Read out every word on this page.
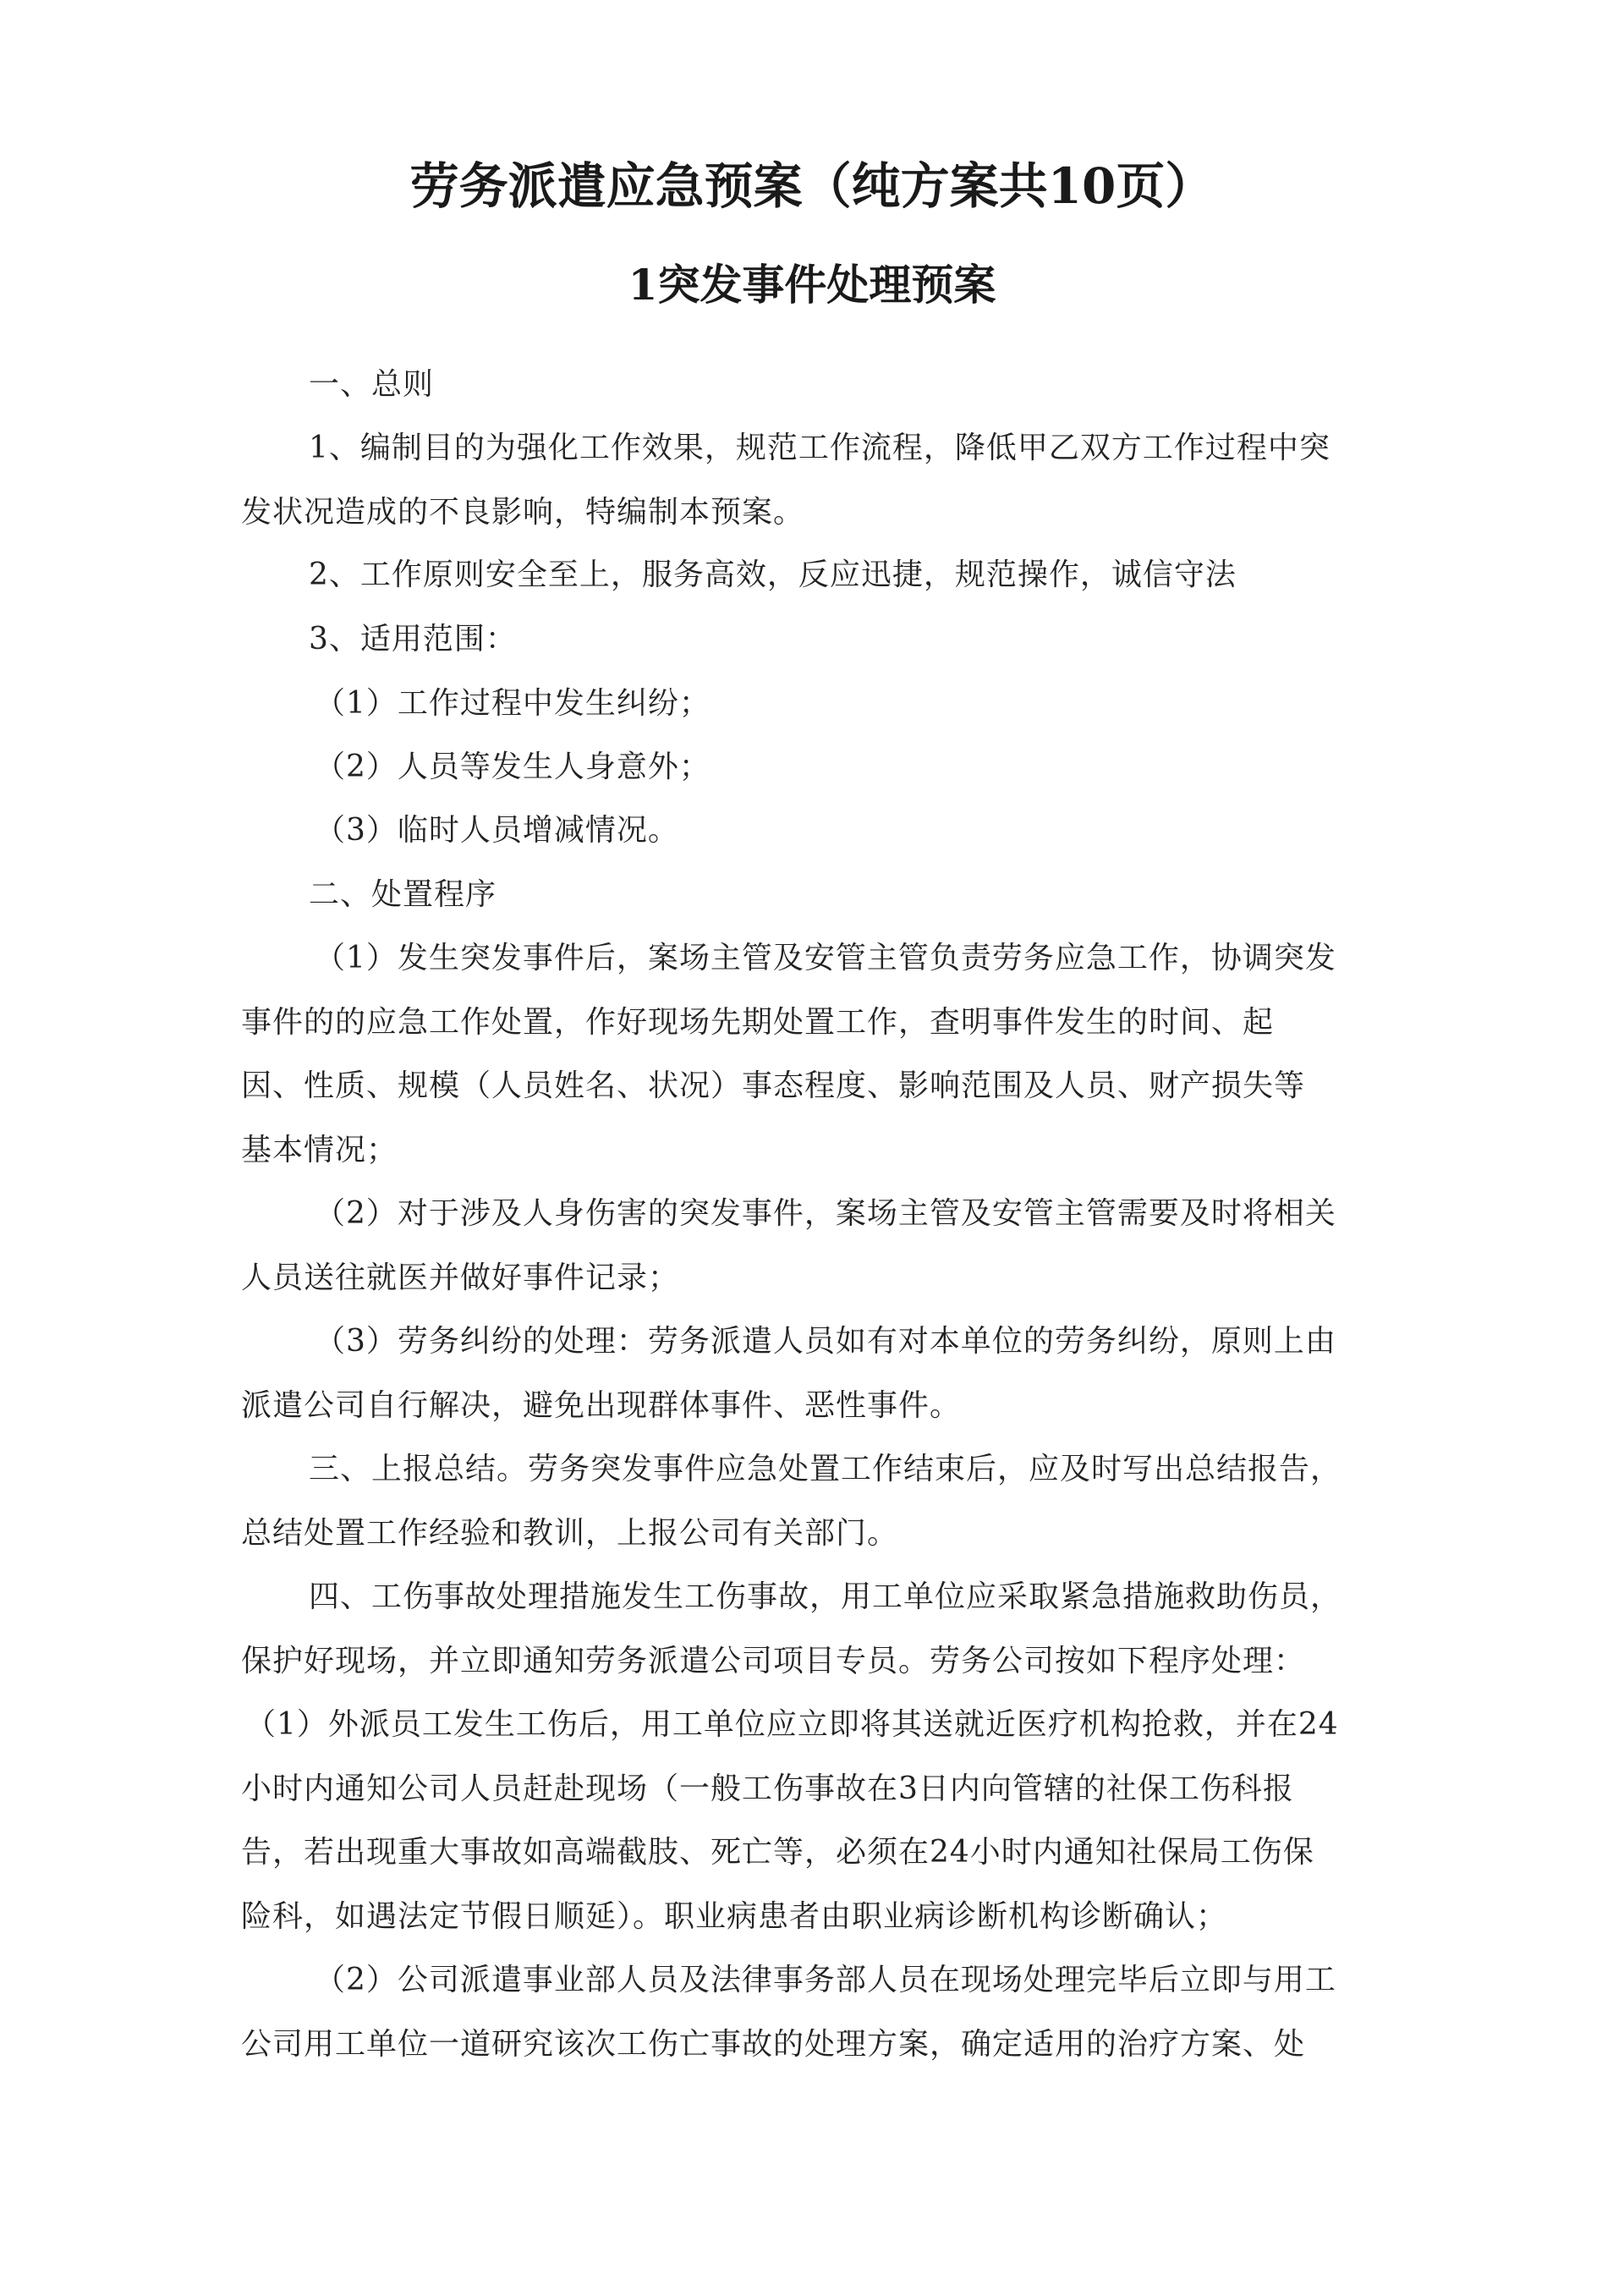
劳务派遣应急预案（纯方案共10页）
1突发事件处理预案
一、总则
1、编制目的为强化工作效果，规范工作流程，降低甲乙双方工作过程中突
发状况造成的不良影响，特编制本预案。
2、工作原则安全至上，服务高效，反应迅捷，规范操作，诚信守法
3、适用范围：
（1）工作过程中发生纠纷；
（2）人员等发生人身意外；
（3）临时人员增减情况。
二、处置程序
（1）发生突发事件后，案场主管及安管主管负责劳务应急工作，协调突发
事件的的应急工作处置，作好现场先期处置工作，查明事件发生的时间、起
因、性质、规模（人员姓名、状况）事态程度、影响范围及人员、财产损失等
基本情况；
（2）对于涉及人身伤害的突发事件，案场主管及安管主管需要及时将相关
人员送往就医并做好事件记录；
（3）劳务纠纷的处理：劳务派遣人员如有对本单位的劳务纠纷，原则上由
派遣公司自行解决，避免出现群体事件、恶性事件。
三、上报总结。劳务突发事件应急处置工作结束后，应及时写出总结报告，
总结处置工作经验和教训，上报公司有关部门。
四、工伤事故处理措施发生工伤事故，用工单位应采取紧急措施救助伤员，
保护好现场，并立即通知劳务派遣公司项目专员。劳务公司按如下程序处理：
（1）外派员工发生工伤后，用工单位应立即将其送就近医疗机构抢救，并在24
小时内通知公司人员赶赴现场（一般工伤事故在3日内向管辖的社保工伤科报
告，若出现重大事故如高端截肢、死亡等，必须在24小时内通知社保局工伤保
险科，如遇法定节假日顺延）。职业病患者由职业病诊断机构诊断确认；
（2）公司派遣事业部人员及法律事务部人员在现场处理完毕后立即与用工
公司用工单位一道研究该次工伤亡事故的处理方案，确定适用的治疗方案、处
